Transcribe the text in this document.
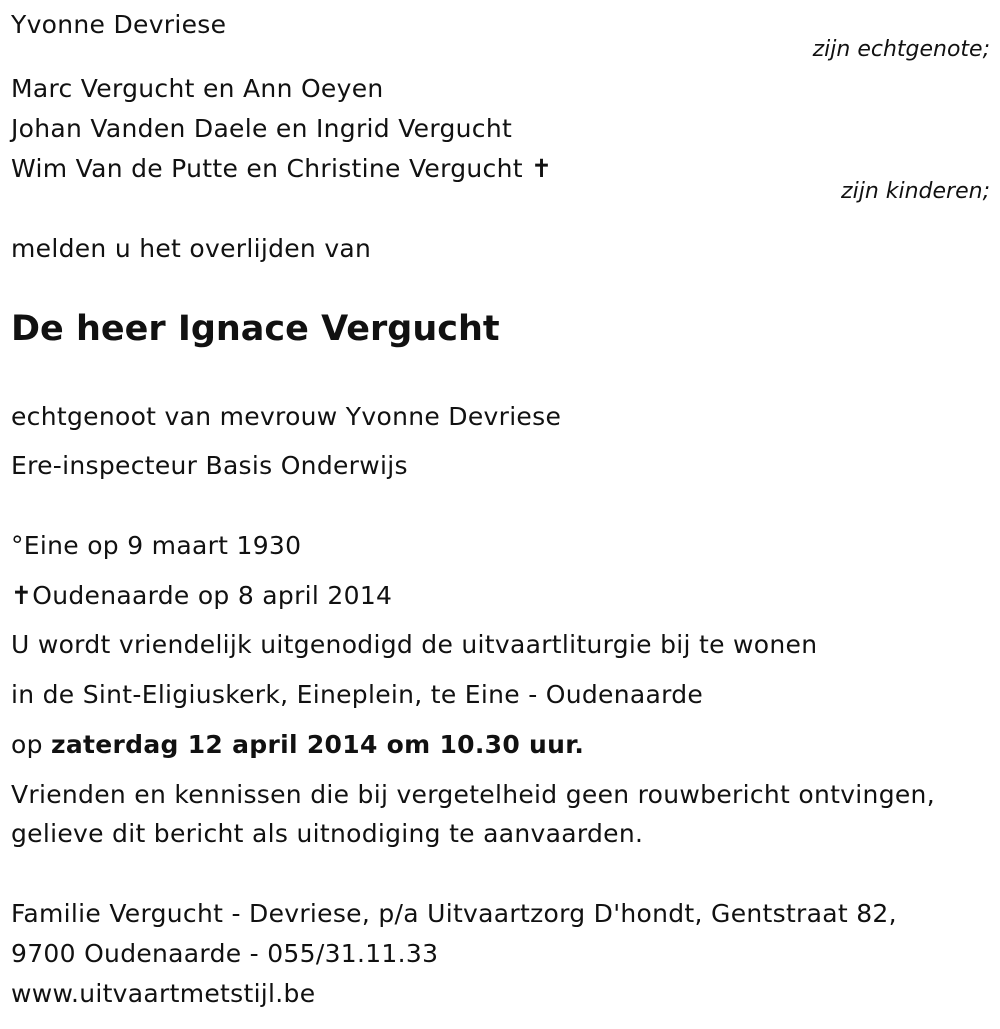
Yvonne Devriese
zijn echtgenote;
Marc Vergucht en Ann Oeyen
Johan Vanden Daele en Ingrid Vergucht
Wim Van de Putte en Christine Vergucht ✝
zijn kinderen;
melden u het overlijden van
De heer Ignace Vergucht
echtgenoot van mevrouw Yvonne Devriese
Ere-inspecteur Basis Onderwijs
°Eine op 9 maart 1930
✝Oudenaarde op 8 april 2014
U wordt vriendelijk uitgenodigd de uitvaartliturgie bij te wonen
in de Sint-Eligiuskerk, Eineplein, te Eine - Oudenaarde
op zaterdag 12 april 2014 om 10.30 uur.
Vrienden en kennissen die bij vergetelheid geen rouwbericht ontvingen,
gelieve dit bericht als uitnodiging te aanvaarden.
Familie Vergucht - Devriese, p/a Uitvaartzorg D'hondt, Gentstraat 82,
9700 Oudenaarde - 055/31.11.33
www.uitvaartmetstijl.be
